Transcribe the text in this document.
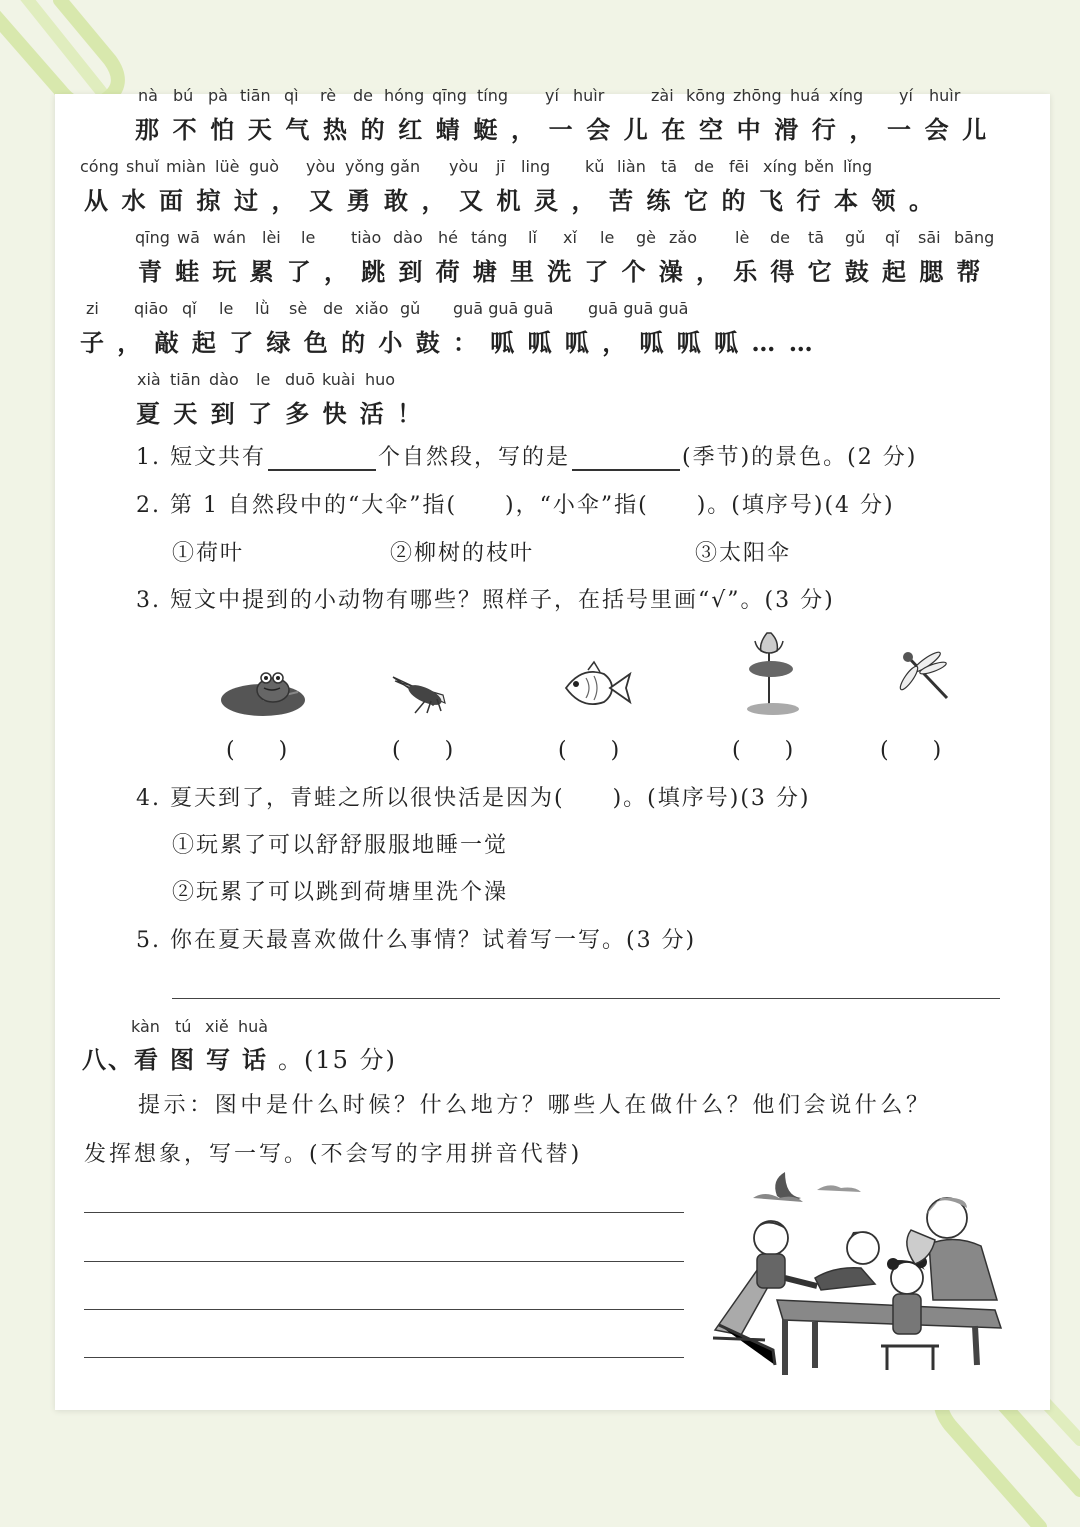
nà bú pà tiān qì rè de hóng qīng tíng yí huìr	zài kōng zhōng huá xíng yí huìr
那不怕天气热的红蜻蜓，一会儿在空中滑行，一会儿
cóng shuǐ miàn lüè guò yòu yǒng gǎn yòu jī ling kǔ liàn tā de fēi xíng běn lǐng
从水面掠过，又勇敢，又机灵，苦练它的飞行本领。
qīng wā wán lèi le tiào dào hé táng lǐ xǐ le gè zǎo lè de tā gǔ qǐ sāi bāng
青蛙玩累了，跳到荷塘里洗了个澡，乐得它鼓起腮帮
zi qiāo qǐ le lǜ sè de xiǎo gǔ guā guā guā guā guā guā
子，敲起了绿色的小鼓：呱呱呱，呱呱呱……
xià tiān dào le duō kuài huo
夏天到了多快活！
1. 短文共有	个自然段，写的是	(季节)的景色。(2 分)
2. 第 1 自然段中的“大伞”指(　　)，“小伞”指(　　)。(填序号)(4 分)
①荷叶	②柳树的枝叶	③太阳伞
3. 短文中提到的小动物有哪些？照样子，在括号里画“√”。(3 分)
(　　)	(　　)	(　　)	(　　)	(　　)
4. 夏天到了，青蛙之所以很快活是因为(　　)。(填序号)(3 分)
①玩累了可以舒舒服服地睡一觉
②玩累了可以跳到荷塘里洗个澡
5. 你在夏天最喜欢做什么事情？试着写一写。(3 分)
kàn tú xiě huà
八、看图写话。(15 分)
提示：图中是什么时候？什么地方？哪些人在做什么？他们会说什么？
发挥想象，写一写。(不会写的字用拼音代替)
